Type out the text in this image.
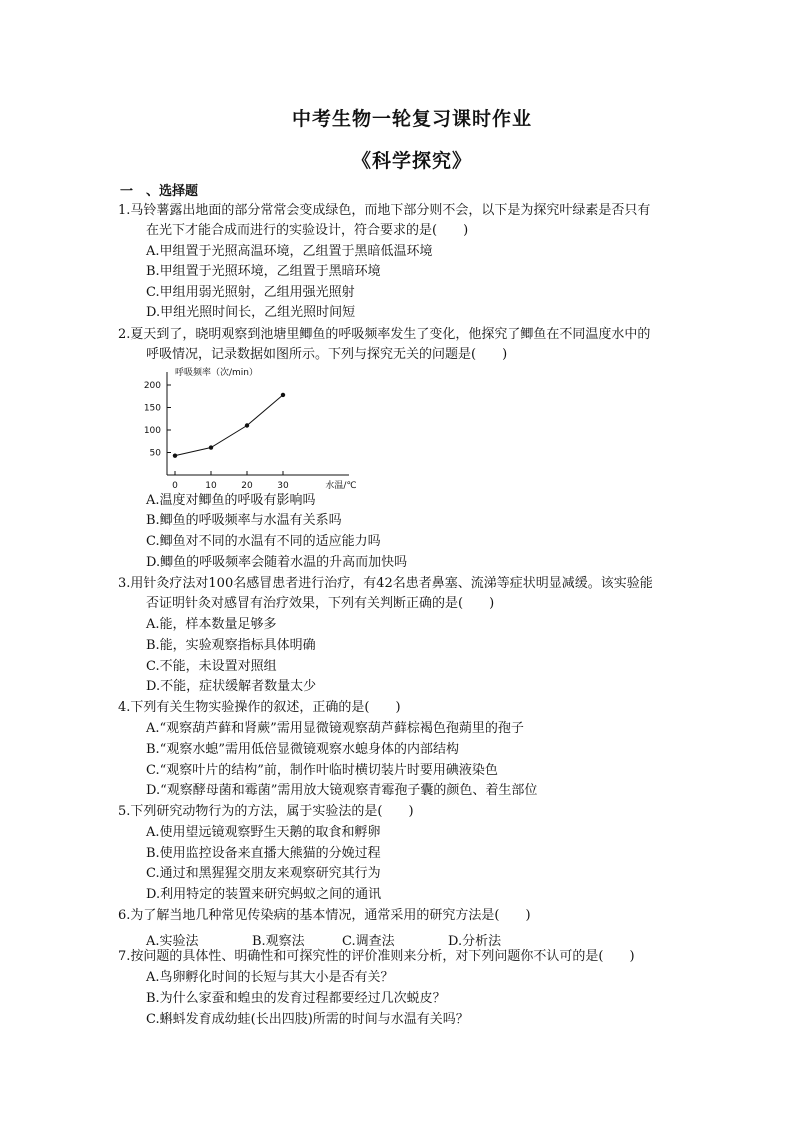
中考生物一轮复习课时作业
《科学探究》
一　、选择题
1.马铃薯露出地面的部分常常会变成绿色，而地下部分则不会，以下是为探究叶绿素是否只有
在光下才能合成而进行的实验设计，符合要求的是(　　)
A.甲组置于光照高温环境，乙组置于黑暗低温环境
B.甲组置于光照环境，乙组置于黑暗环境
C.甲组用弱光照射，乙组用强光照射
D.甲组光照时间长，乙组光照时间短
2.夏天到了，晓明观察到池塘里鲫鱼的呼吸频率发生了变化，他探究了鲫鱼在不同温度水中的
呼吸情况，记录数据如图所示。下列与探究无关的问题是(　　)
50
100
150
200
0	10	20	30
呼吸频率（次/min）
水温/℃
A.温度对鲫鱼的呼吸有影响吗
B.鲫鱼的呼吸频率与水温有关系吗
C.鲫鱼对不同的水温有不同的适应能力吗
D.鲫鱼的呼吸频率会随着水温的升高而加快吗
3.用针灸疗法对100名感冒患者进行治疗，有42名患者鼻塞、流涕等症状明显减缓。该实验能
否证明针灸对感冒有治疗效果，下列有关判断正确的是(　　)
A.能，样本数量足够多
B.能，实验观察指标具体明确
C.不能，未设置对照组
D.不能，症状缓解者数量太少
4.下列有关生物实验操作的叙述，正确的是(　　)
A.“观察葫芦藓和肾蕨”需用显微镜观察葫芦藓棕褐色孢蒴里的孢子
B.“观察水螅”需用低倍显微镜观察水螅身体的内部结构
C.“观察叶片的结构”前，制作叶临时横切装片时要用碘液染色
D.“观察酵母菌和霉菌”需用放大镜观察青霉孢子囊的颜色、着生部位
5.下列研究动物行为的方法，属于实验法的是(　　)
A.使用望远镜观察野生天鹅的取食和孵卵
B.使用监控设备来直播大熊猫的分娩过程
C.通过和黑猩猩交朋友来观察研究其行为
D.利用特定的装置来研究蚂蚁之间的通讯
6.为了解当地几种常见传染病的基本情况，通常采用的研究方法是(　　)
A.实验法	B.观察法	C.调查法	D.分析法
7.按问题的具体性、明确性和可探究性的评价准则来分析，对下列问题你不认可的是(　　)
A.鸟卵孵化时间的长短与其大小是否有关？
B.为什么家蚕和蝗虫的发育过程都要经过几次蜕皮？
C.蝌蚪发育成幼蛙(长出四肢)所需的时间与水温有关吗？
